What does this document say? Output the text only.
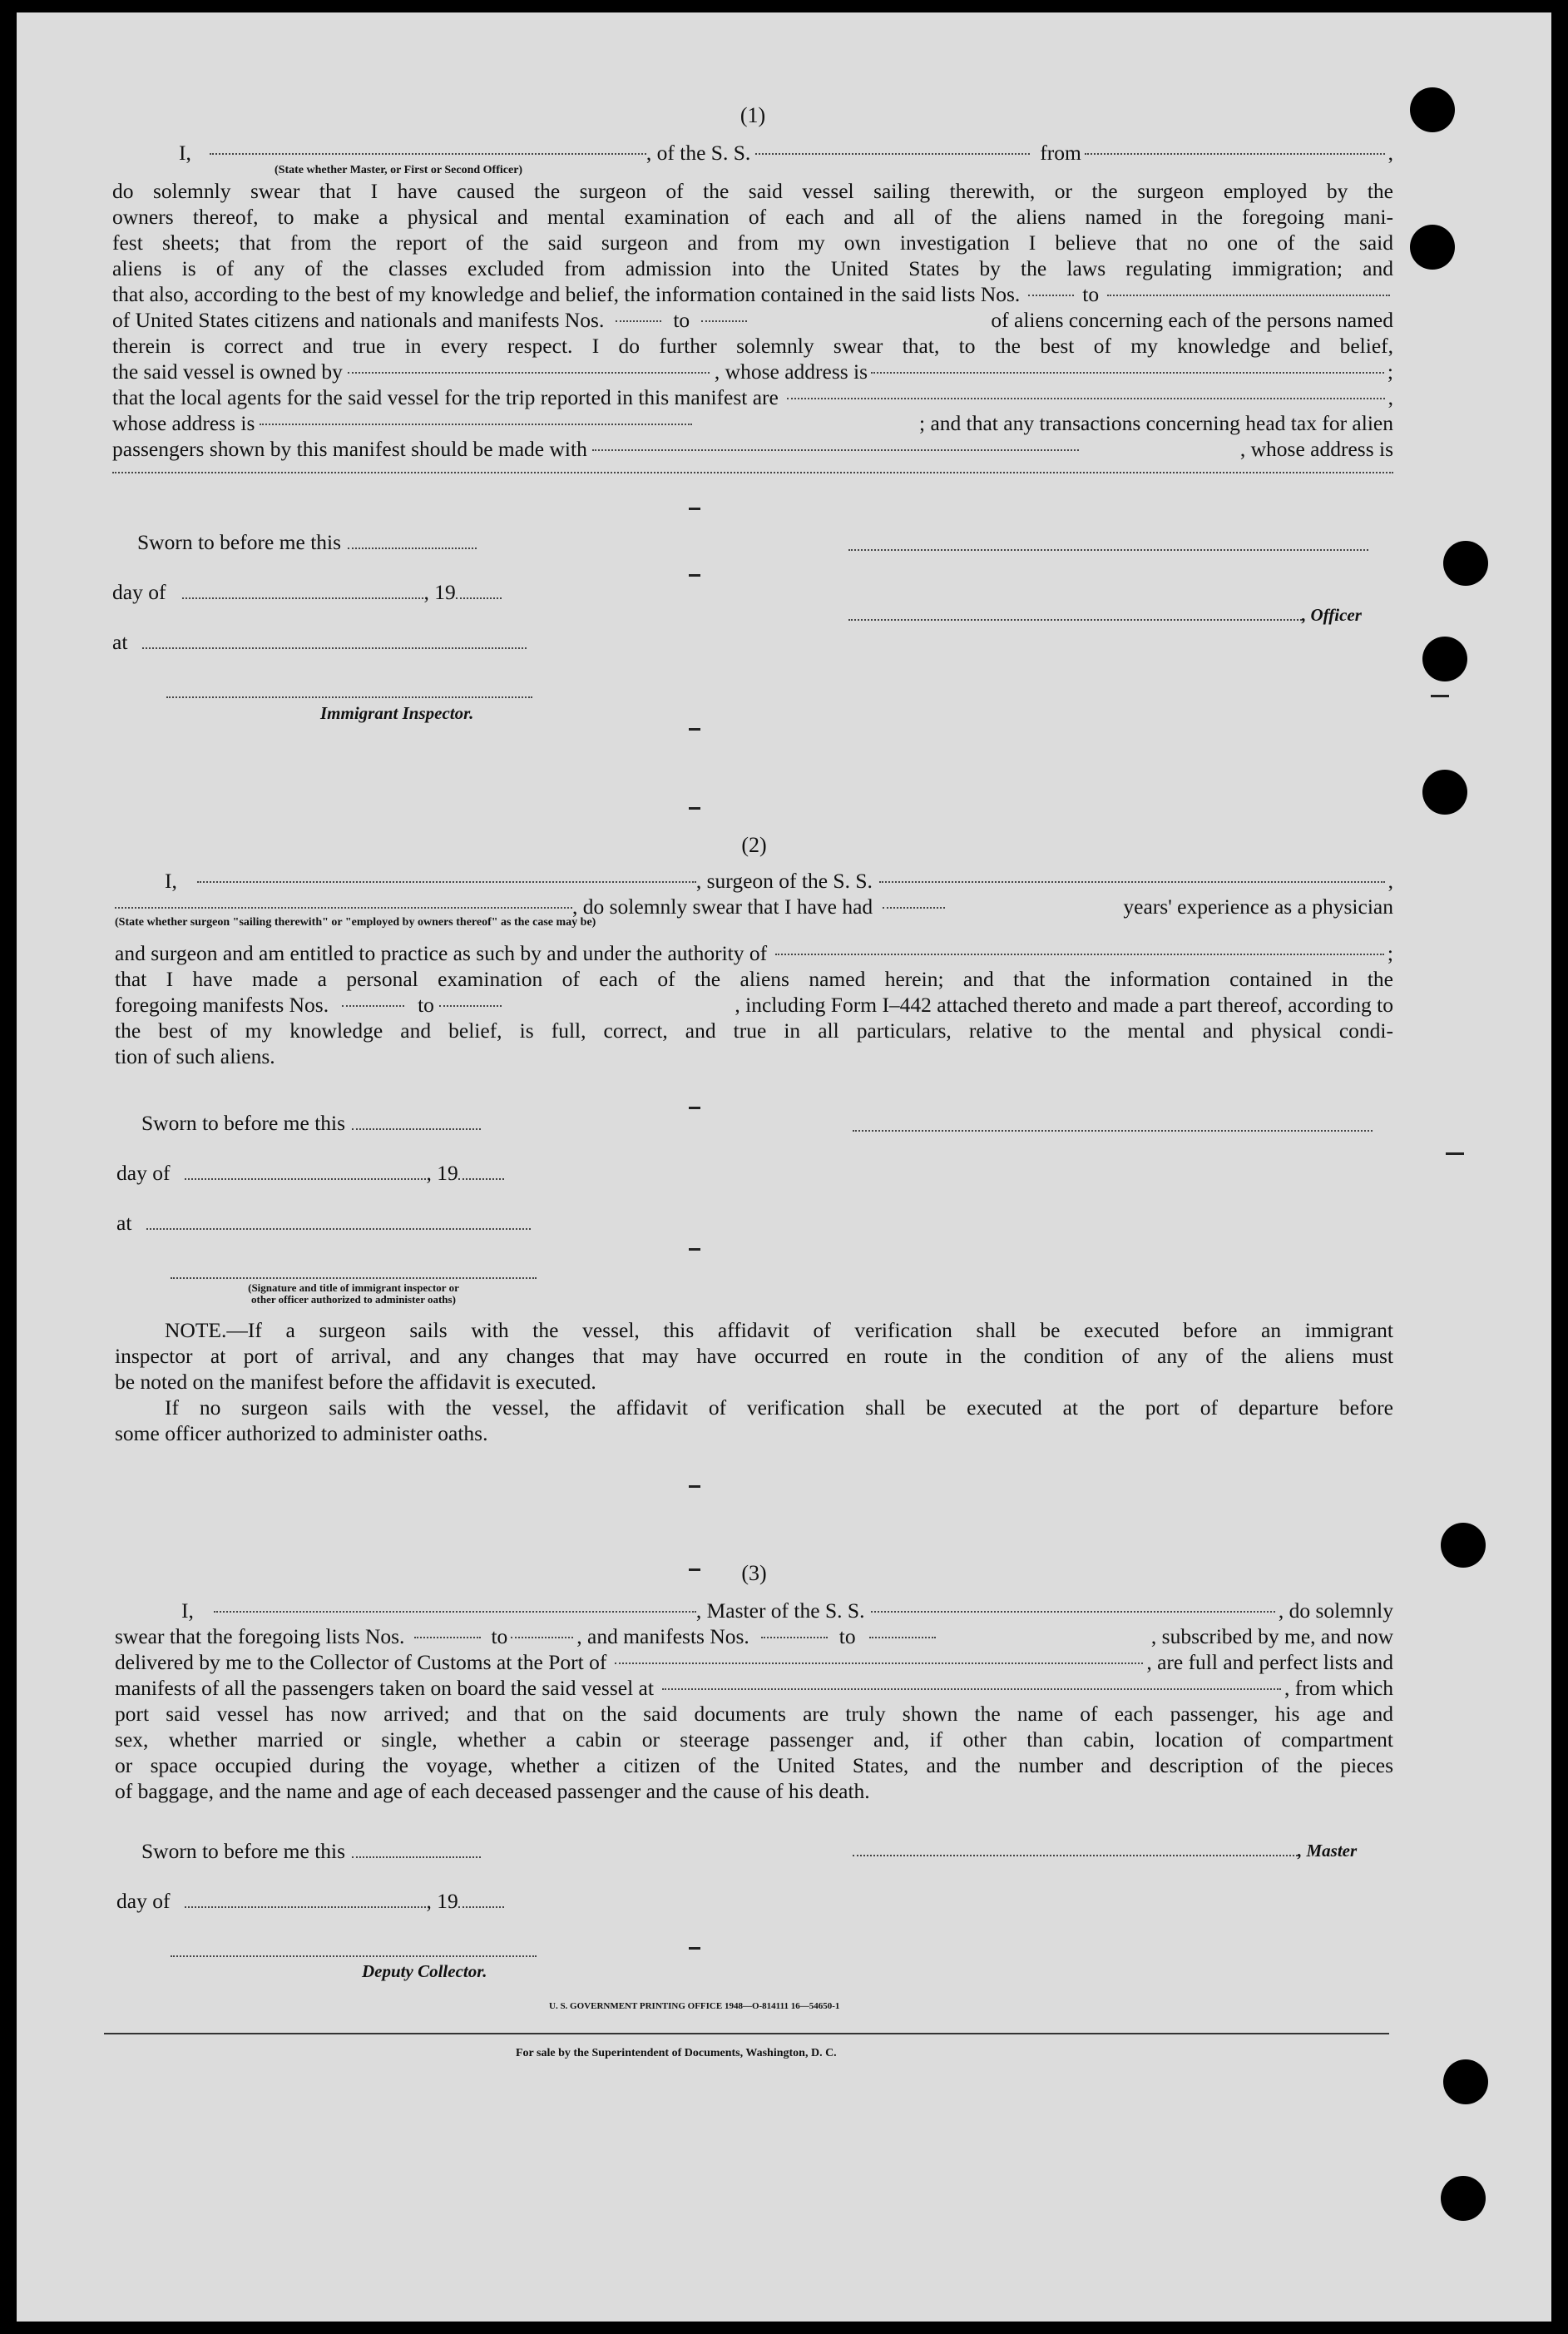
(1)
I,	, of the S. S.	from	,
(State whether Master, or First or Second Officer)
do solemnly swear that I have caused the surgeon of the said vessel sailing therewith, or the surgeon employed by the
owners thereof, to make a physical and mental examination of each and all of the aliens named in the foregoing mani-
fest sheets; that from the report of the said surgeon and from my own investigation I believe that no one of the said
aliens is of any of the classes excluded from admission into the United States by the laws regulating immigration; and
that also, according to the best of my knowledge and belief, the information contained in the said lists Nos.	to
of United States citizens and nationals and manifests Nos.	to	of aliens concerning each of the persons named
therein is correct and true in every respect. I do further solemnly swear that, to the best of my knowledge and belief,
the said vessel is owned by	, whose address is	;
that the local agents for the said vessel for the trip reported in this manifest are	,
whose address is	; and that any transactions concerning head tax for alien
passengers shown by this manifest should be made with	, whose address is
Sworn to before me this
day of	, 19
, Officer
at
Immigrant Inspector.
(2)
I,	, surgeon of the S. S.	,
, do solemnly swear that I have had	years' experience as a physician
(State whether surgeon "sailing therewith" or "employed by owners thereof" as the case may be)
and surgeon and am entitled to practice as such by and under the authority of	;
that I have made a personal examination of each of the aliens named herein; and that the information contained in the
foregoing manifests Nos.	to	, including Form I–442 attached thereto and made a part thereof, according to
the best of my knowledge and belief, is full, correct, and true in all particulars, relative to the mental and physical condi-
tion of such aliens.
Sworn to before me this
day of	, 19
at
(Signature and title of immigrant inspector or
other officer authorized to administer oaths)
NOTE.—If a surgeon sails with the vessel, this affidavit of verification shall be executed before an immigrant
inspector at port of arrival, and any changes that may have occurred en route in the condition of any of the aliens must
be noted on the manifest before the affidavit is executed.
If no surgeon sails with the vessel, the affidavit of verification shall be executed at the port of departure before
some officer authorized to administer oaths.
(3)
I,	, Master of the S. S.	, do solemnly
swear that the foregoing lists Nos.	to	, and manifests Nos.	to	, subscribed by me, and now
delivered by me to the Collector of Customs at the Port of	, are full and perfect lists and
manifests of all the passengers taken on board the said vessel at	, from which
port said vessel has now arrived; and that on the said documents are truly shown the name of each passenger, his age and
sex, whether married or single, whether a cabin or steerage passenger and, if other than cabin, location of compartment
or space occupied during the voyage, whether a citizen of the United States, and the number and description of the pieces
of baggage, and the name and age of each deceased passenger and the cause of his death.
Sworn to before me this	, Master
day of	, 19
Deputy Collector.
U. S. GOVERNMENT PRINTING OFFICE 1948—O-814111 16—54650-1
For sale by the Superintendent of Documents, Washington, D. C.
